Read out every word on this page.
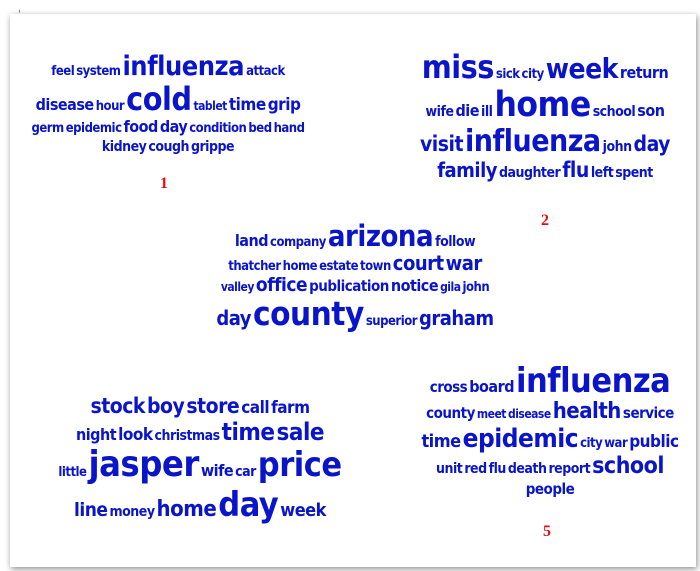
'
feel systeminfluenza attack
disease hourcold tablet time grip
germ epidemic food day condition bed hand
kidney cough grippe
1
miss sick cityweek return
wife die illhome school son
visitinfluenza johnday
family daughterflu left spent
2
land companyarizona follow
thatcher home estate town court war
valley office publication notice gila john
daycounty superior graham
stockboystore call farm
night look christmastimesale
littlejasper wife carprice
line moneyhomeday week
cross boardinfluenza
county meet diseasehealth service
timeepidemic city war public
unit red flu death reportschool
people
5
